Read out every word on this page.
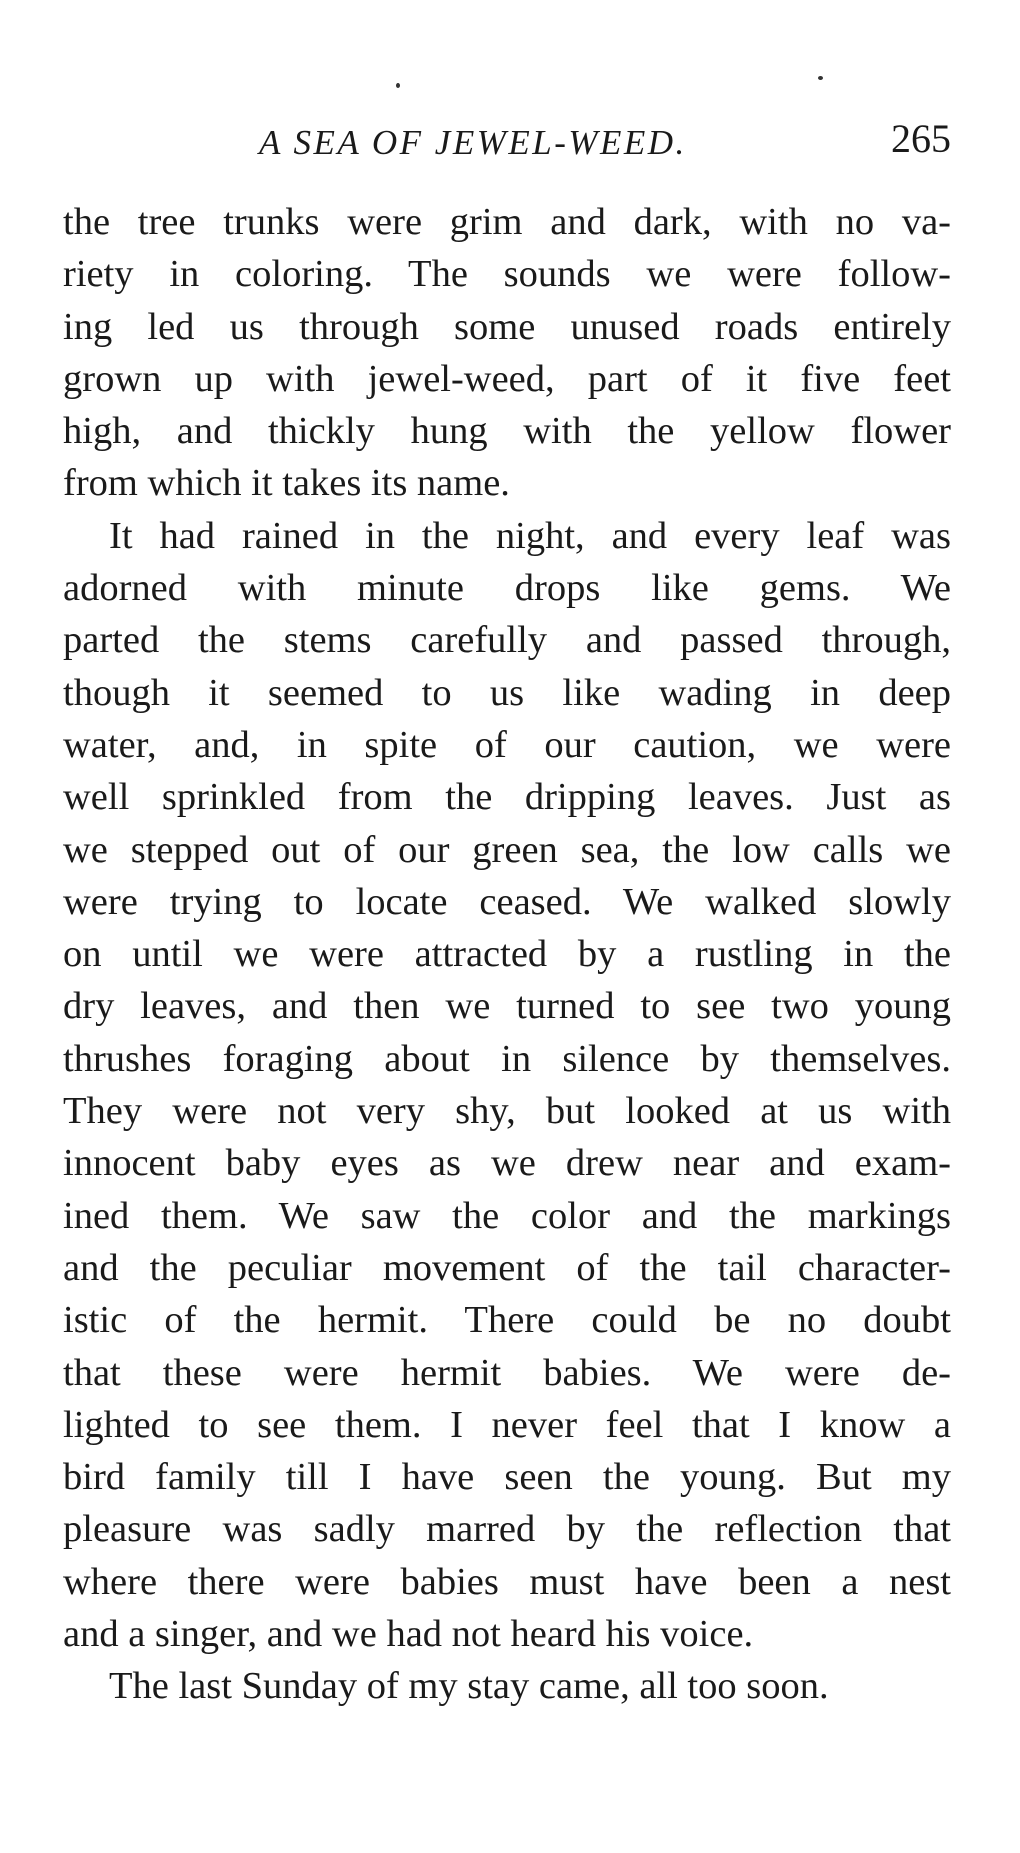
A SEA OF JEWEL-WEED.	265
the tree trunks were grim and dark, with no va-
riety in coloring. The sounds we were follow-
ing led us through some unused roads entirely
grown up with jewel-weed, part of it five feet
high, and thickly hung with the yellow flower
from which it takes its name.
It had rained in the night, and every leaf was
adorned with minute drops like gems. We
parted the stems carefully and passed through,
though it seemed to us like wading in deep
water, and, in spite of our caution, we were
well sprinkled from the dripping leaves. Just as
we stepped out of our green sea, the low calls we
were trying to locate ceased. We walked slowly
on until we were attracted by a rustling in the
dry leaves, and then we turned to see two young
thrushes foraging about in silence by themselves.
They were not very shy, but looked at us with
innocent baby eyes as we drew near and exam-
ined them. We saw the color and the markings
and the peculiar movement of the tail character-
istic of the hermit. There could be no doubt
that these were hermit babies. We were de-
lighted to see them. I never feel that I know a
bird family till I have seen the young. But my
pleasure was sadly marred by the reflection that
where there were babies must have been a nest
and a singer, and we had not heard his voice.
The last Sunday of my stay came, all too soon.
